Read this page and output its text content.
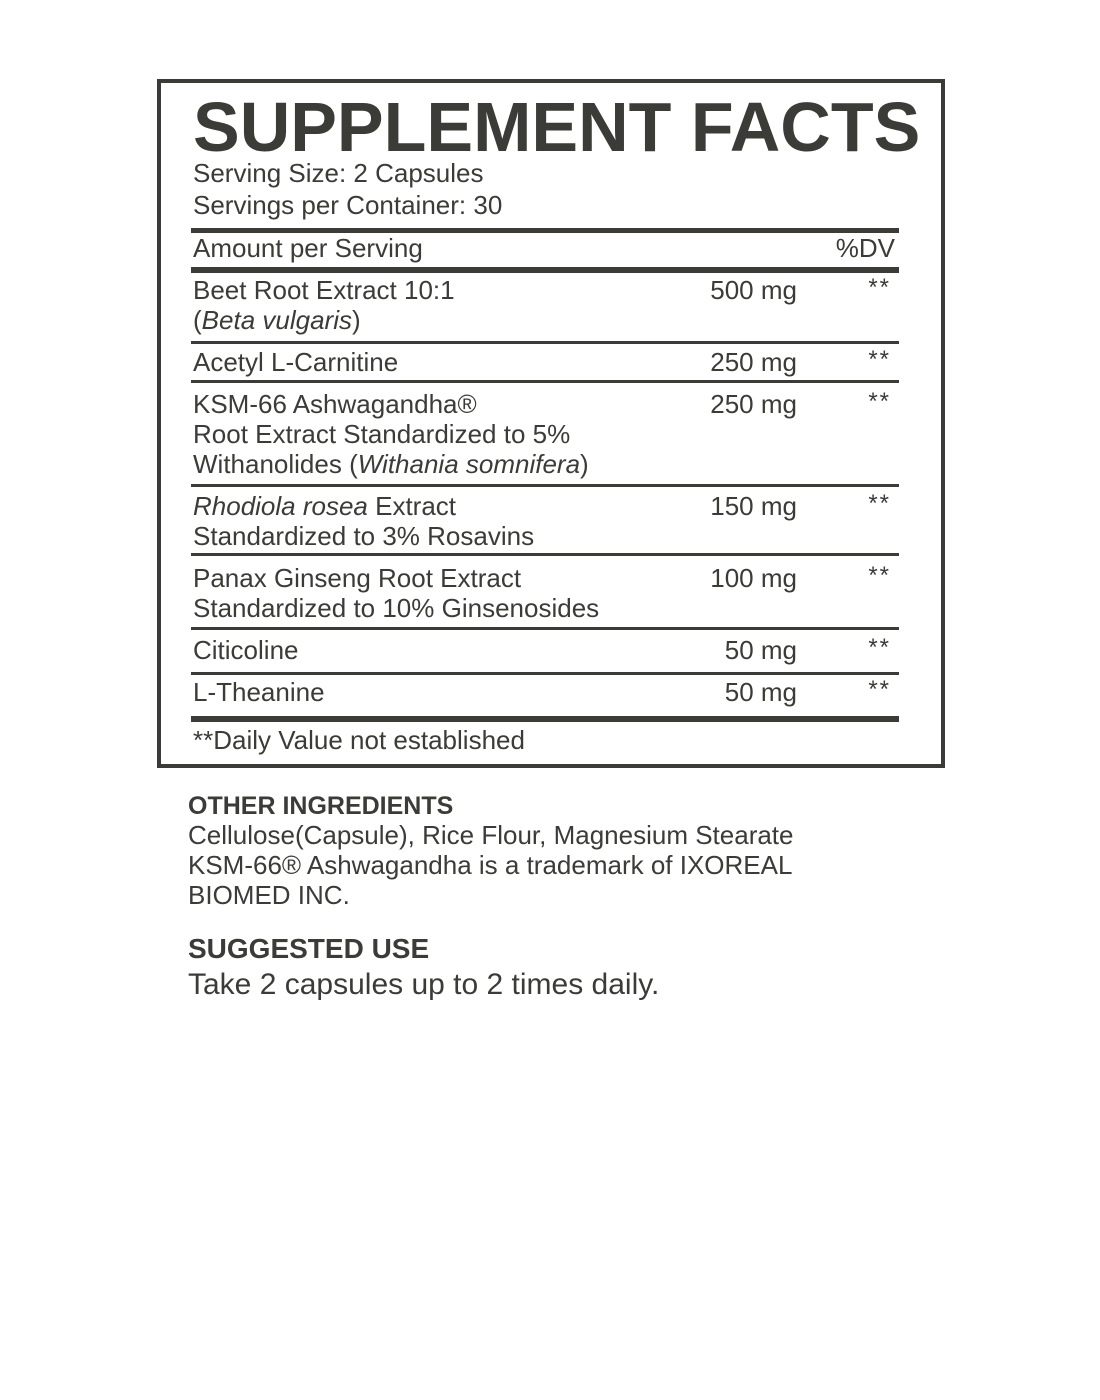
SUPPLEMENT FACTS
Serving Size: 2 Capsules
Servings per Container: 30
Amount per Serving	%DV
Beet Root Extract 10:1
(Beta vulgaris)
500 mg	**
Acetyl L-Carnitine	250 mg	**
KSM-66 Ashwagandha®
Root Extract Standardized to 5%
Withanolides (Withania somnifera)
250 mg	**
Rhodiola rosea Extract
Standardized to 3% Rosavins
150 mg	**
Panax Ginseng Root Extract
Standardized to 10% Ginsenosides
100 mg	**
Citicoline	50 mg	**
L-Theanine	50 mg	**
**Daily Value not established
OTHER INGREDIENTS
Cellulose(Capsule), Rice Flour, Magnesium Stearate
KSM-66® Ashwagandha is a trademark of IXOREAL
BIOMED INC.
SUGGESTED USE
Take 2 capsules up to 2 times daily.
